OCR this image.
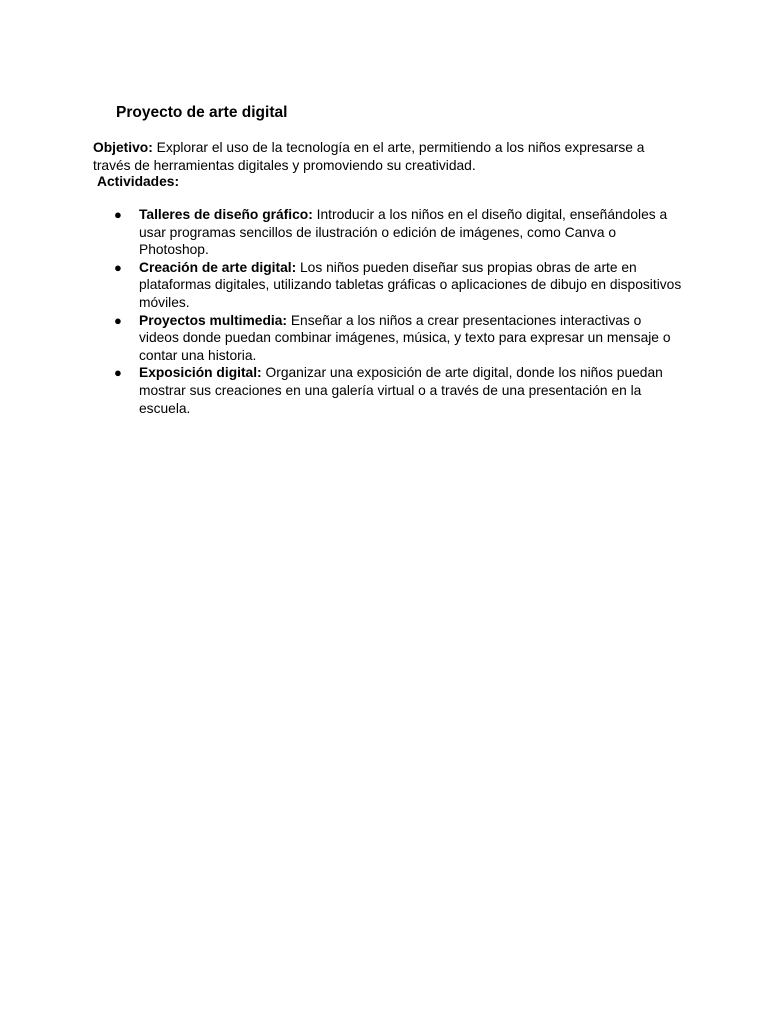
Proyecto de arte digital

Objetivo: Explorar el uso de la tecnología en el arte, permitiendo a los niños expresarse a través de herramientas digitales y promoviendo su creatividad.

Actividades:

● Talleres de diseño gráfico: Introducir a los niños en el diseño digital, enseñándoles a usar programas sencillos de ilustración o edición de imágenes, como Canva o Photoshop.
● Creación de arte digital: Los niños pueden diseñar sus propias obras de arte en plataformas digitales, utilizando tabletas gráficas o aplicaciones de dibujo en dispositivos móviles.
● Proyectos multimedia: Enseñar a los niños a crear presentaciones interactivas o videos donde puedan combinar imágenes, música, y texto para expresar un mensaje o contar una historia.
● Exposición digital: Organizar una exposición de arte digital, donde los niños puedan mostrar sus creaciones en una galería virtual o a través de una presentación en la escuela.
